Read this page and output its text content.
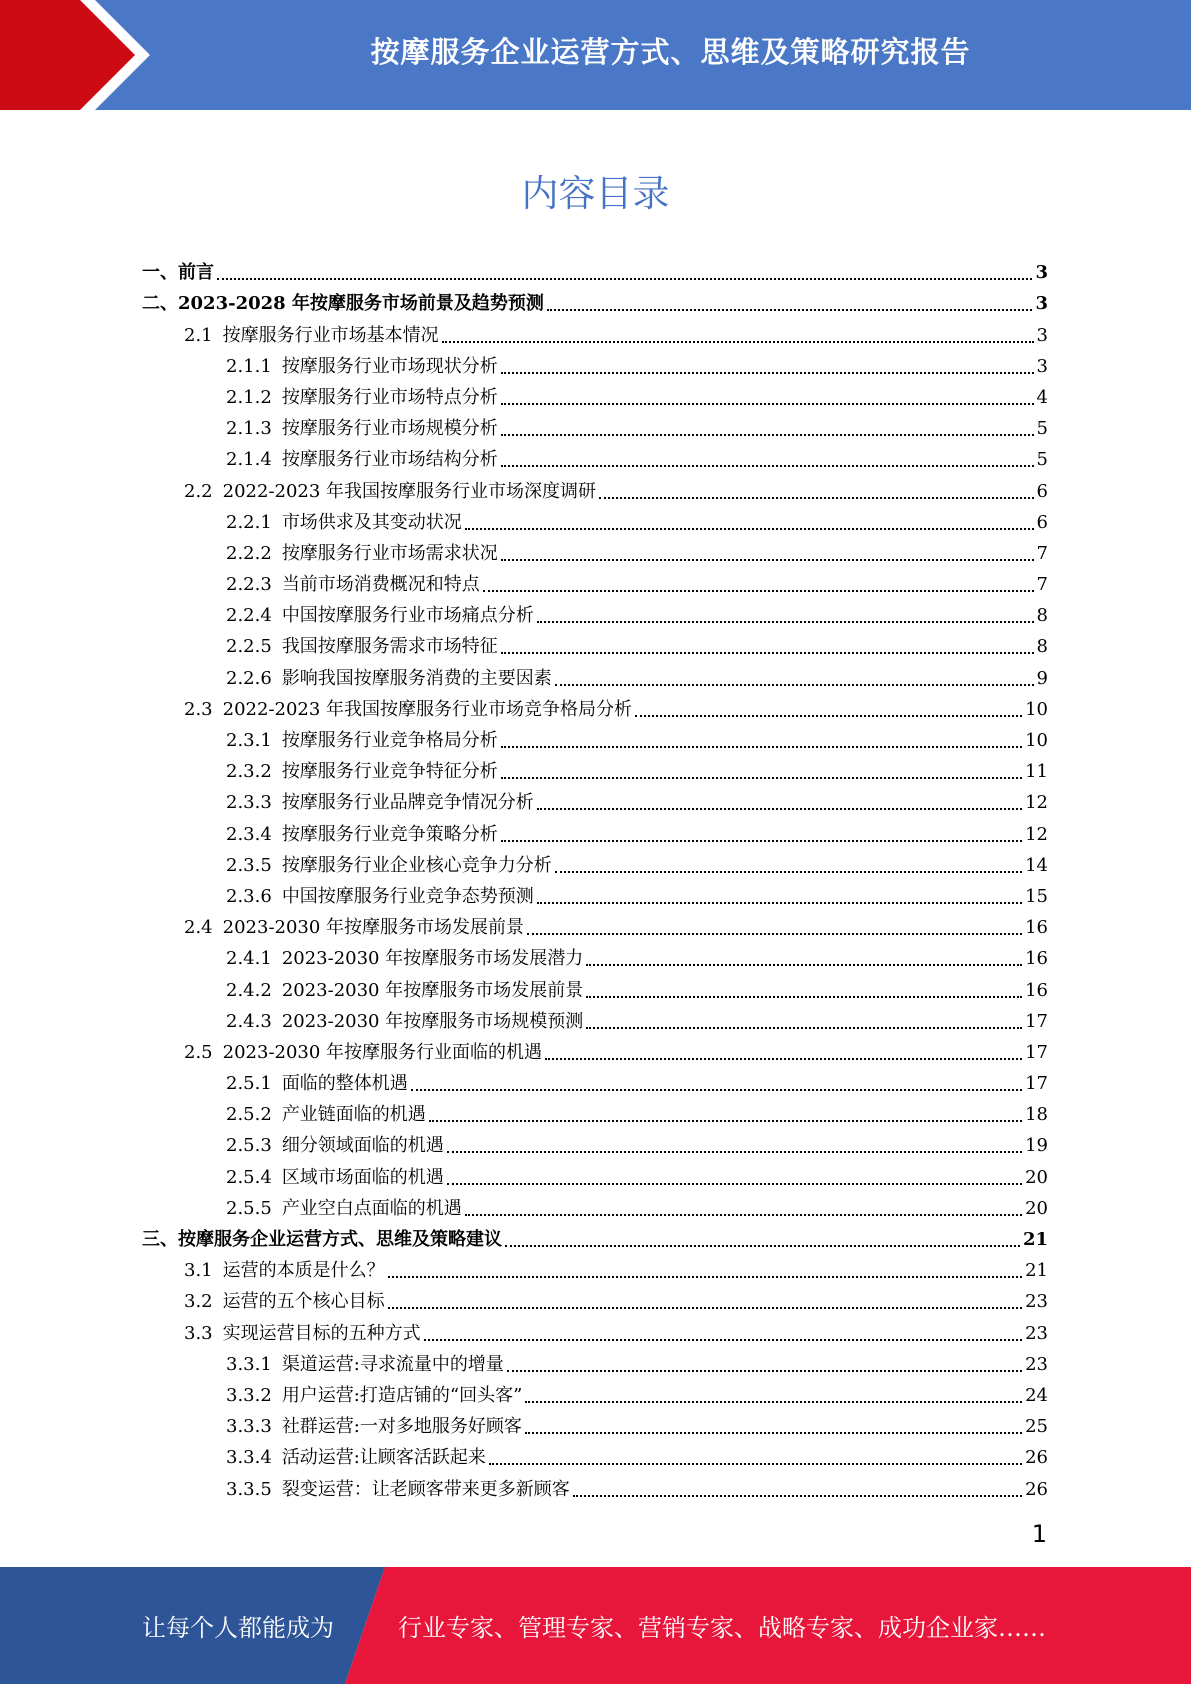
按摩服务企业运营方式、思维及策略研究报告
内容目录
一、 前言	3
二、 2023-2028 年按摩服务市场前景及趋势预测	3
2.1 按摩服务行业市场基本情况	3
2.1.1 按摩服务行业市场现状分析	3
2.1.2 按摩服务行业市场特点分析	4
2.1.3 按摩服务行业市场规模分析	5
2.1.4 按摩服务行业市场结构分析	5
2.2 2022-2023 年我国按摩服务行业市场深度调研	6
2.2.1 市场供求及其变动状况	6
2.2.2 按摩服务行业市场需求状况	7
2.2.3 当前市场消费概况和特点	7
2.2.4 中国按摩服务行业市场痛点分析	8
2.2.5 我国按摩服务需求市场特征	8
2.2.6 影响我国按摩服务消费的主要因素	9
2.3 2022-2023 年我国按摩服务行业市场竞争格局分析	10
2.3.1 按摩服务行业竞争格局分析	10
2.3.2 按摩服务行业竞争特征分析	11
2.3.3 按摩服务行业品牌竞争情况分析	12
2.3.4 按摩服务行业竞争策略分析	12
2.3.5 按摩服务行业企业核心竞争力分析	14
2.3.6 中国按摩服务行业竞争态势预测	15
2.4 2023-2030 年按摩服务市场发展前景	16
2.4.1 2023-2030 年按摩服务市场发展潜力	16
2.4.2 2023-2030 年按摩服务市场发展前景	16
2.4.3 2023-2030 年按摩服务市场规模预测	17
2.5 2023-2030 年按摩服务行业面临的机遇	17
2.5.1 面临的整体机遇	17
2.5.2 产业链面临的机遇	18
2.5.3 细分领域面临的机遇	19
2.5.4 区域市场面临的机遇	20
2.5.5 产业空白点面临的机遇	20
三、 按摩服务企业运营方式、思维及策略建议	21
3.1 运营的本质是什么？	21
3.2 运营的五个核心目标	23
3.3 实现运营目标的五种方式	23
3.3.1 渠道运营:寻求流量中的增量	23
3.3.2 用户运营:打造店铺的“回头客”	24
3.3.3 社群运营:一对多地服务好顾客	25
3.3.4 活动运营:让顾客活跃起来	26
3.3.5 裂变运营：让老顾客带来更多新顾客	26
1
让每个人都能成为	行业专家、管理专家、营销专家、战略专家、成功企业家……
